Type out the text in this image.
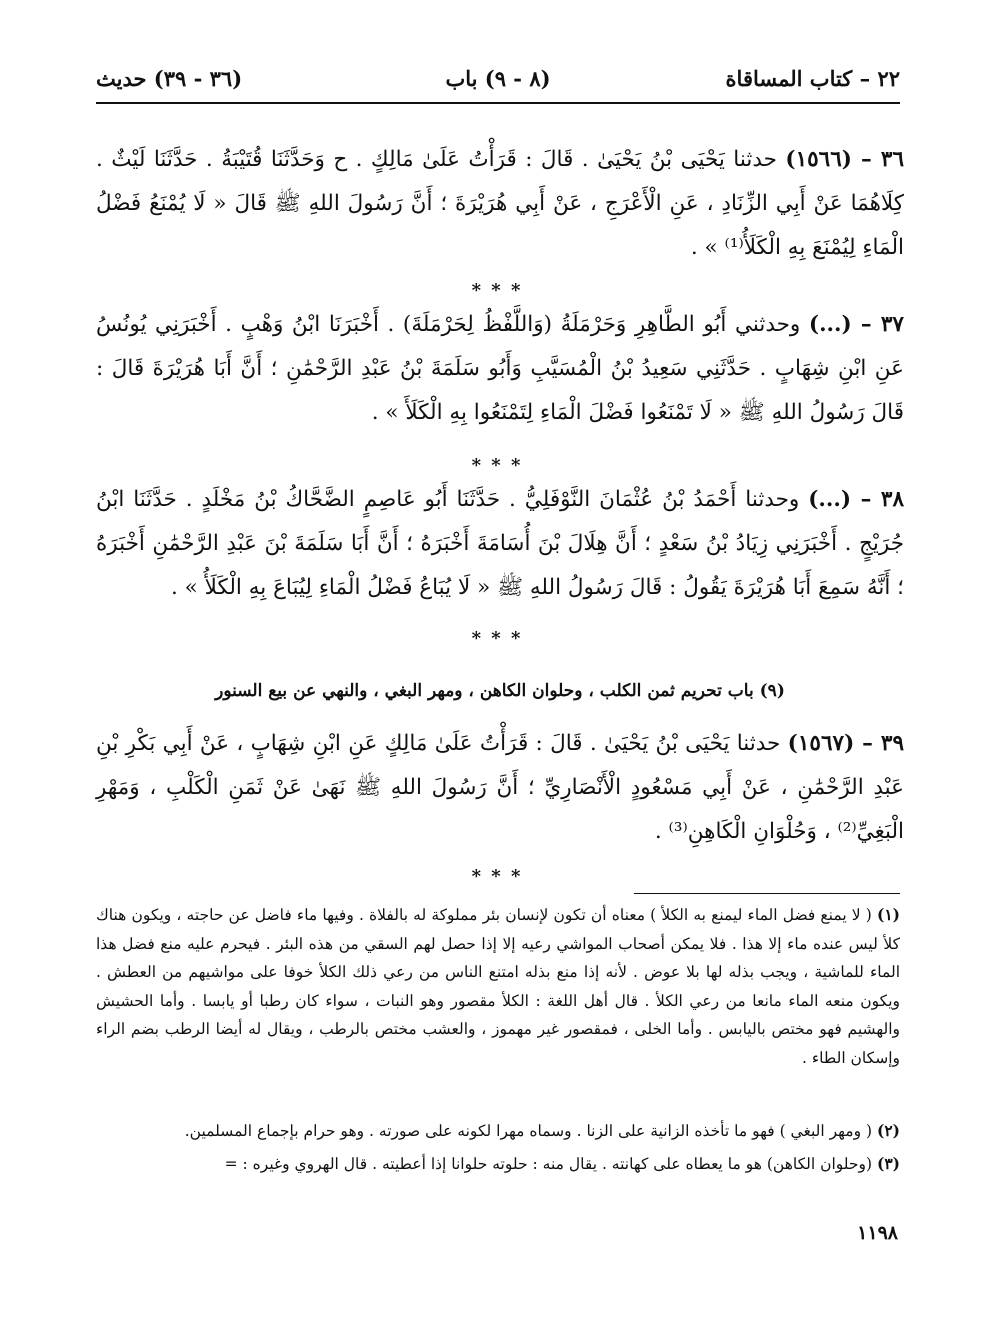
٢٢ – كتاب المساقاة
(٨ - ٩) باب
(٣٦ - ٣٩) حديث
٣٦ – (١٥٦٦) حدثنا يَحْيَى بْنُ يَحْيَىٰ . قَالَ : قَرَأْتُ عَلَىٰ مَالِكٍ . ح وَحَدَّثَنَا قُتَيْبَةُ . حَدَّثَنَا لَيْثٌ . كِلَاهُمَا عَنْ أَبِي الزِّنَادِ ، عَنِ الْأَعْرَجِ ، عَنْ أَبِي هُرَيْرَةَ ؛ أَنَّ رَسُولَ اللهِ ﷺ قَالَ « لَا يُمْنَعُ فَضْلُ الْمَاءِ لِيُمْنَعَ بِهِ الْكَلَأُ⁽¹⁾ » .
* * *
٣٧ – (...) وحدثني أَبُو الطَّاهِرِ وَحَرْمَلَةُ (وَاللَّفْظُ لِحَرْمَلَةَ) . أَخْبَرَنَا ابْنُ وَهْبٍ . أَخْبَرَنِي يُونُسُ عَنِ ابْنِ شِهَابٍ . حَدَّثَنِي سَعِيدُ بْنُ الْمُسَيَّبِ وَأَبُو سَلَمَةَ بْنُ عَبْدِ الرَّحْمَٰنِ ؛ أَنَّ أَبَا هُرَيْرَةَ قَالَ : قَالَ رَسُولُ اللهِ ﷺ « لَا تَمْنَعُوا فَضْلَ الْمَاءِ لِتَمْنَعُوا بِهِ الْكَلَأَ » .
* * *
٣٨ – (...) وحدثنا أَحْمَدُ بْنُ عُثْمَانَ النَّوْفَلِيُّ . حَدَّثَنَا أَبُو عَاصِمٍ الضَّحَّاكُ بْنُ مَخْلَدٍ . حَدَّثَنَا ابْنُ جُرَيْجٍ . أَخْبَرَنِي زِيَادُ بْنُ سَعْدٍ ؛ أَنَّ هِلَالَ بْنَ أُسَامَةَ أَخْبَرَهُ ؛ أَنَّ أَبَا سَلَمَةَ بْنَ عَبْدِ الرَّحْمَٰنِ أَخْبَرَهُ ؛ أَنَّهُ سَمِعَ أَبَا هُرَيْرَةَ يَقُولُ : قَالَ رَسُولُ اللهِ ﷺ « لَا يُبَاعُ فَضْلُ الْمَاءِ لِيُبَاعَ بِهِ الْكَلَأُ » .
* * *
(٩) باب تحريم ثمن الكلب ، وحلوان الكاهن ، ومهر البغي ، والنهي عن بيع السنور
٣٩ – (١٥٦٧) حدثنا يَحْيَى بْنُ يَحْيَىٰ . قَالَ : قَرَأْتُ عَلَىٰ مَالِكٍ عَنِ ابْنِ شِهَابٍ ، عَنْ أَبِي بَكْرِ بْنِ عَبْدِ الرَّحْمَٰنِ ، عَنْ أَبِي مَسْعُودٍ الْأَنْصَارِيِّ ؛ أَنَّ رَسُولَ اللهِ ﷺ نَهَىٰ عَنْ ثَمَنِ الْكَلْبِ ، وَمَهْرِ الْبَغِيِّ⁽²⁾ ، وَحُلْوَانِ الْكَاهِنِ⁽³⁾ .
* * *
(١) ( لا يمنع فضل الماء ليمنع به الكلأ ) معناه أن تكون لإنسان بئر مملوكة له بالفلاة . وفيها ماء فاضل عن حاجته ، ويكون هناك كلأ ليس عنده ماء إلا هذا . فلا يمكن أصحاب المواشي رعيه إلا إذا حصل لهم السقي من هذه البئر . فيحرم عليه منع فضل هذا الماء للماشية ، ويجب بذله لها بلا عوض . لأنه إذا منع بذله امتنع الناس من رعي ذلك الكلأ خوفا على مواشيهم من العطش . ويكون منعه الماء مانعا من رعي الكلأ . قال أهل اللغة : الكلأ مقصور وهو النبات ، سواء كان رطبا أو يابسا . وأما الحشيش والهشيم فهو مختص باليابس . وأما الخلى ، فمقصور غير مهموز ، والعشب مختص بالرطب ، ويقال له أيضا الرطب بضم الراء وإسكان الطاء .
(٢) ( ومهر البغي ) فهو ما تأخذه الزانية على الزنا . وسماه مهرا لكونه على صورته . وهو حرام بإجماع المسلمين.
(٣) (وحلوان الكاهن) هو ما يعطاه على كهانته . يقال منه : حلوته حلوانا إذا أعطيته . قال الهروي وغيره : =
١١٩٨
